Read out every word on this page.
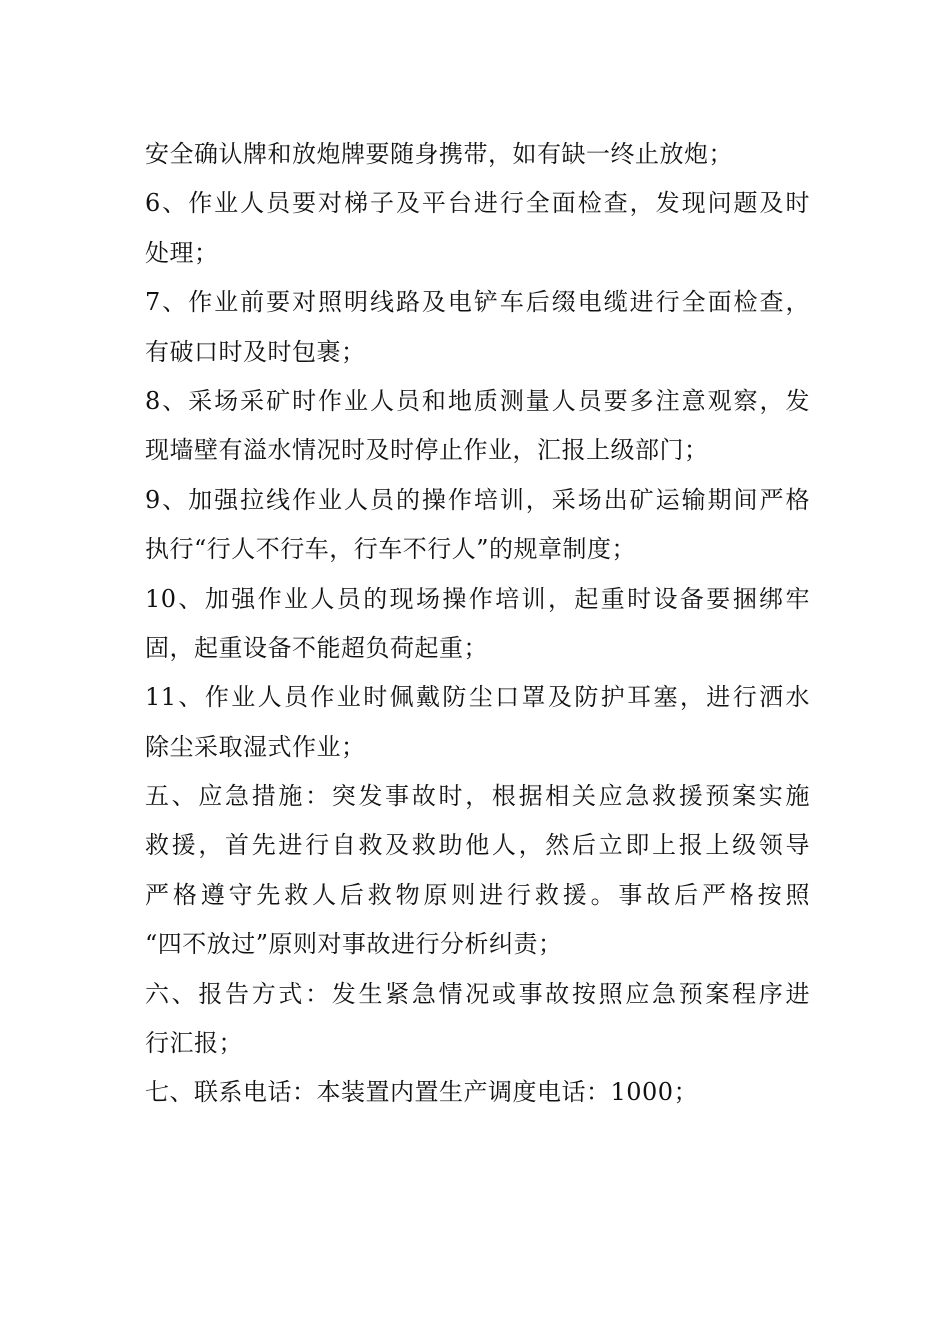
安全确认牌和放炮牌要随身携带，如有缺一终止放炮；
6、作业人员要对梯子及平台进行全面检查，发现问题及时
处理；
7、作业前要对照明线路及电铲车后缀电缆进行全面检查，
有破口时及时包裹；
8、采场采矿时作业人员和地质测量人员要多注意观察，发
现墙壁有溢水情况时及时停止作业，汇报上级部门；
9、加强拉线作业人员的操作培训，采场出矿运输期间严格
执行“行人不行车，行车不行人”的规章制度；
10、加强作业人员的现场操作培训，起重时设备要捆绑牢
固，起重设备不能超负荷起重；
11、作业人员作业时佩戴防尘口罩及防护耳塞，进行洒水
除尘采取湿式作业；
五、应急措施：突发事故时，根据相关应急救援预案实施
救援，首先进行自救及救助他人，然后立即上报上级领导
严格遵守先救人后救物原则进行救援。事故后严格按照
“四不放过”原则对事故进行分析纠责；
六、报告方式：发生紧急情况或事故按照应急预案程序进
行汇报；
七、联系电话：本装置内置生产调度电话：1000；
